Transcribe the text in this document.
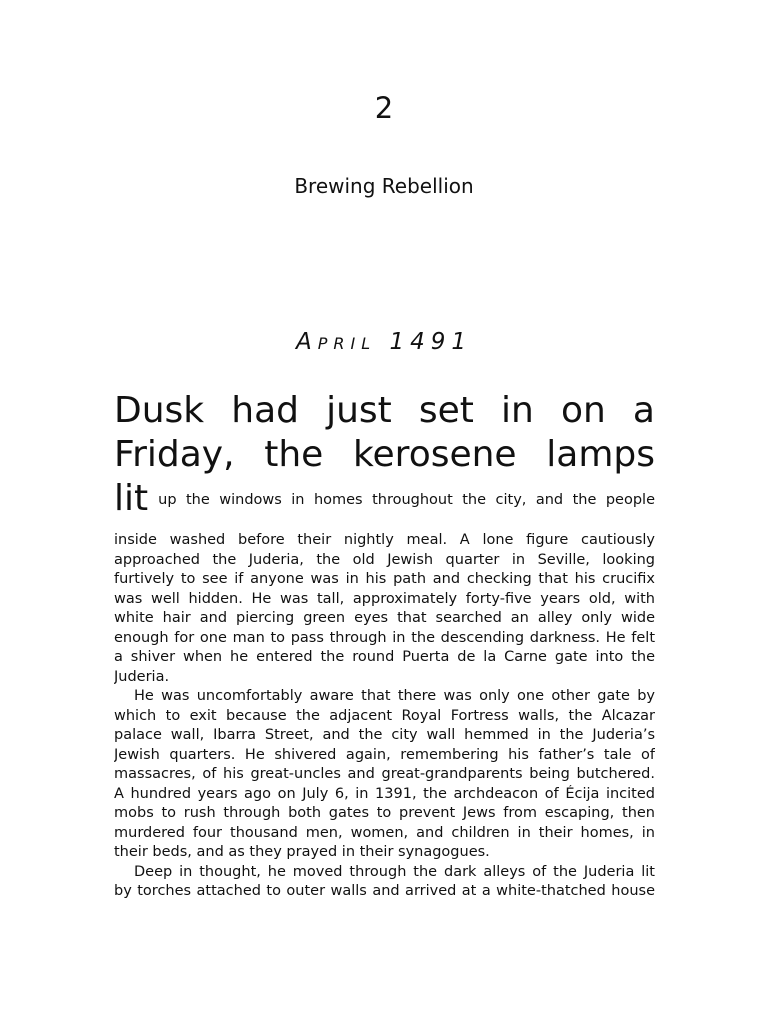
2
Brewing Rebellion
April 1491

Dusk had just set in on a

Friday, the kerosene lamps

lit up the windows in homes throughout the city, and the people
inside washed before their nightly meal. A lone figure cautiously
approached the Juderia, the old Jewish quarter in Seville, looking
furtively to see if anyone was in his path and checking that his crucifix
was well hidden. He was tall, approximately forty-five years old, with
white hair and piercing green eyes that searched an alley only wide
enough for one man to pass through in the descending darkness. He felt
a shiver when he entered the round Puerta de la Carne gate into the
Juderia.
He was uncomfortably aware that there was only one other gate by
which to exit because the adjacent Royal Fortress walls, the Alcazar
palace wall, Ibarra Street, and the city wall hemmed in the Juderia’s
Jewish quarters. He shivered again, remembering his father’s tale of
massacres, of his great-uncles and great-grandparents being butchered.
A hundred years ago on July 6, in 1391, the archdeacon of Écija incited
mobs to rush through both gates to prevent Jews from escaping, then
murdered four thousand men, women, and children in their homes, in
their beds, and as they prayed in their synagogues.
Deep in thought, he moved through the dark alleys of the Juderia lit
by torches attached to outer walls and arrived at a white-thatched house
